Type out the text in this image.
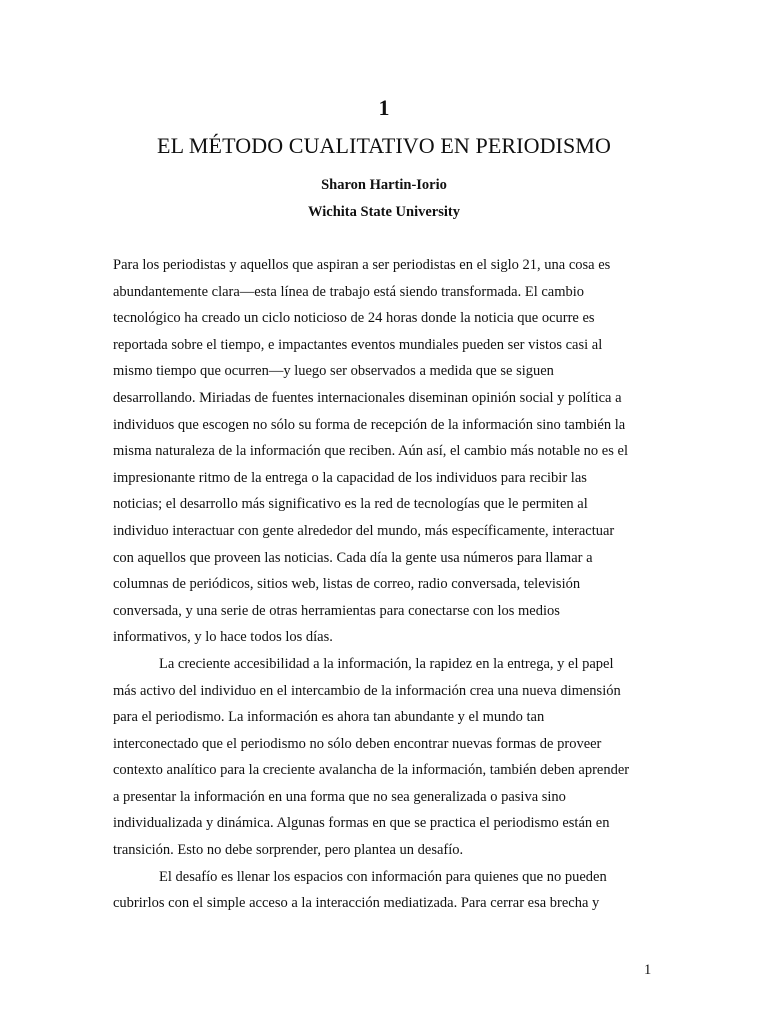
1
EL MÉTODO CUALITATIVO EN PERIODISMO
Sharon Hartin-Iorio
Wichita State University
Para los periodistas y aquellos que aspiran a ser periodistas en el siglo 21, una cosa es
abundantemente clara—esta línea de trabajo está siendo transformada. El cambio
tecnológico ha creado un ciclo noticioso de 24 horas donde la noticia que ocurre es
reportada sobre el tiempo, e impactantes eventos mundiales pueden ser vistos casi al
mismo tiempo que ocurren—y luego ser observados a medida que se siguen
desarrollando. Miriadas de fuentes internacionales diseminan opinión social y política a
individuos que escogen no sólo su forma de recepción de la información sino también la
misma naturaleza de la información que reciben. Aún así, el cambio más notable no es el
impresionante ritmo de la entrega o la capacidad de los individuos para recibir las
noticias; el desarrollo más significativo es la red de tecnologías que le permiten al
individuo interactuar con gente alrededor del mundo, más específicamente, interactuar
con aquellos que proveen las noticias. Cada día la gente usa números para llamar a
columnas de periódicos, sitios web, listas de correo, radio conversada, televisión
conversada, y una serie de otras herramientas para conectarse con los medios
informativos, y lo hace todos los días.
La creciente accesibilidad a la información, la rapidez en la entrega, y el papel
más activo del individuo en el intercambio de la información crea una nueva dimensión
para el periodismo. La información es ahora tan abundante y el mundo tan
interconectado que el periodismo no sólo deben encontrar nuevas formas de proveer
contexto analítico para la creciente avalancha de la información, también deben aprender
a presentar la información en una forma que no sea generalizada o pasiva sino
individualizada y dinámica. Algunas formas en que se practica el periodismo están en
transición. Esto no debe sorprender, pero plantea un desafío.
El desafío es llenar los espacios con información para quienes que no pueden
cubrirlos con el simple acceso a la interacción mediatizada. Para cerrar esa brecha y
1
